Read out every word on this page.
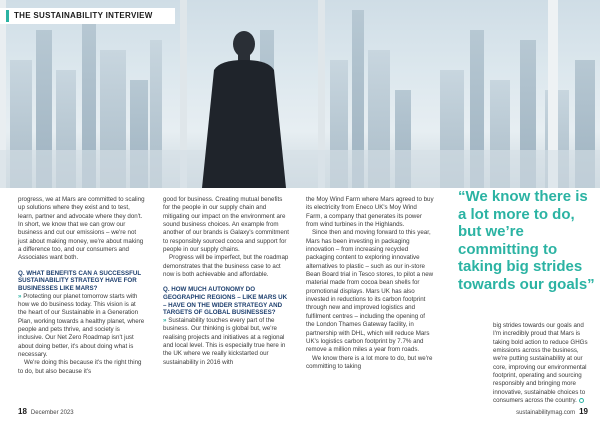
THE SUSTAINABILITY INTERVIEW

progress, we at Mars are committed to scaling up solutions where they exist and to test, learn, partner and advocate where they don't. In short, we know that we can grow our business and cut our emissions – we're not just about making money, we're about making a difference too, and our consumers and Associates want both.

Q. WHAT BENEFITS CAN A SUCCESSFUL SUSTAINABILITY STRATEGY HAVE FOR BUSINESSES LIKE MARS?

» Protecting our planet tomorrow starts with how we do business today. This vision is at the heart of our Sustainable in a Generation Plan, working towards a healthy planet, where people and pets thrive, and society is inclusive. Our Net Zero Roadmap isn't just about doing better, it's about doing what is necessary.

We're doing this because it's the right thing to do, but also because it's

good for business. Creating mutual benefits for the people in our supply chain and mitigating our impact on the environment are sound business choices. An example from another of our brands is Galaxy's commitment to responsibly sourced cocoa and support for people in our supply chains.

Progress will be imperfect, but the roadmap demonstrates that the business case to act now is both achievable and affordable.

Q. HOW MUCH AUTONOMY DO GEOGRAPHIC REGIONS – LIKE MARS UK – HAVE ON THE WIDER STRATEGY AND TARGETS OF GLOBAL BUSINESSES?

» Sustainability touches every part of the business. Our thinking is global but, we're realising projects and initiatives at a regional and local level. This is especially true here in the UK where we really kickstarted our sustainability in 2016 with

the Moy Wind Farm where Mars agreed to buy its electricity from Eneco UK's Moy Wind Farm, a company that generates its power from wind turbines in the Highlands.

Since then and moving forward to this year, Mars has been investing in packaging innovation – from increasing recycled packaging content to exploring innovative alternatives to plastic – such as our in-store Bean Board trial in Tesco stores, to pilot a new material made from cocoa bean shells for promotional displays. Mars UK has also invested in reductions to its carbon footprint through new and improved logistics and fulfilment centres – including the opening of the London Thames Gateway facility, in partnership with DHL, which will reduce Mars UK's logistics carbon footprint by 7.7% and remove a million miles a year from roads.

We know there is a lot more to do, but we're committing to taking

“We know there is a lot more to do, but we’re committing to taking big strides towards our goals”
big strides towards our goals and I'm incredibly proud that Mars is taking bold action to reduce GHGs emissions across the business, we're putting sustainability at our core, improving our environmental footprint, operating and sourcing responsibly and bringing more innovative, sustainable choices to consumers across the country.
18 December 2023	sustainabilitymag.com 19
